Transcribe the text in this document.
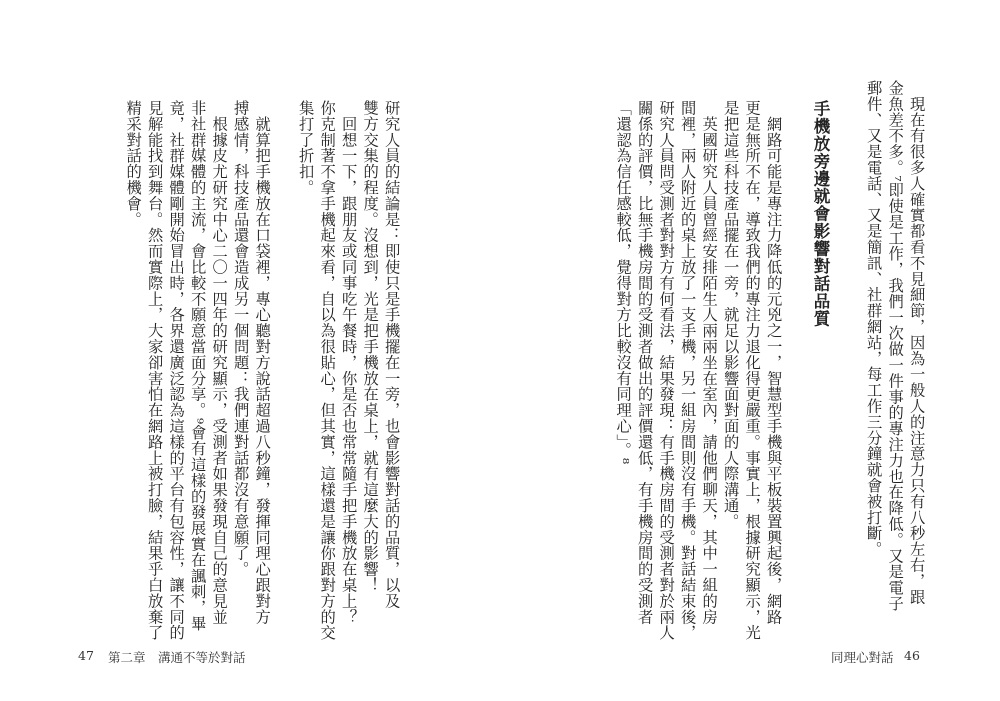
　現在有很多人確實都看不見細節，因為一般人的注意力只有八秒左右，跟

金魚差不多。⁷即使是工作，我們一次做一件事的專注力也在降低。又是電子

郵件、又是電話、又是簡訊、社群網站，每工作三分鐘就會被打斷。

手機放旁邊就會影響對話品質

　網路可能是專注力降低的元兇之一，智慧型手機與平板裝置興起後，網路

更是無所不在，導致我們的專注力退化得更嚴重。事實上，根據研究顯示，光

是把這些科技產品擺在一旁，就足以影響面對面的人際溝通。

　英國研究人員曾經安排陌生人兩兩坐在室內，請他們聊天，其中一組的房

間裡，兩人附近的桌上放了一支手機，另一組房間則沒有手機。對話結束後，

研究人員問受測者對對方有何看法，結果發現：有手機房間的受測者對於兩人

關係的評價，比無手機房間的受測者做出的評價還低，有手機房間的受測者

「還認為信任感較低，覺得對方比較沒有同理心」。⁸

研究人員的結論是：即使只是手機擺在一旁，也會影響對話的品質，以及

雙方交集的程度。沒想到，光是把手機放在桌上，就有這麼大的影響！

　回想一下，跟朋友或同事吃午餐時，你是否也常常隨手把手機放在桌上？

你克制著不拿手機起來看，自以為很貼心，但其實，這樣還是讓你跟對方的交

集打了折扣。

　就算把手機放在口袋裡，專心聽對方說話超過八秒鐘，發揮同理心跟對方

搏感情，科技產品還會造成另一個問題：我們連對話都沒有意願了。

　根據皮尤研究中心二〇一四年的研究顯示，受測者如果發現自己的意見並

非社群媒體的主流，會比較不願意當面分享。⁹會有這樣的發展實在諷刺，畢

竟，社群媒體剛開始冒出時，各界還廣泛認為這樣的平台有包容性，讓不同的

見解能找到舞台。然而實際上，大家卻害怕在網路上被打臉，結果乎白放棄了

精采對話的機會。

47 第二章　溝通不等於對話	同理心對話 46
